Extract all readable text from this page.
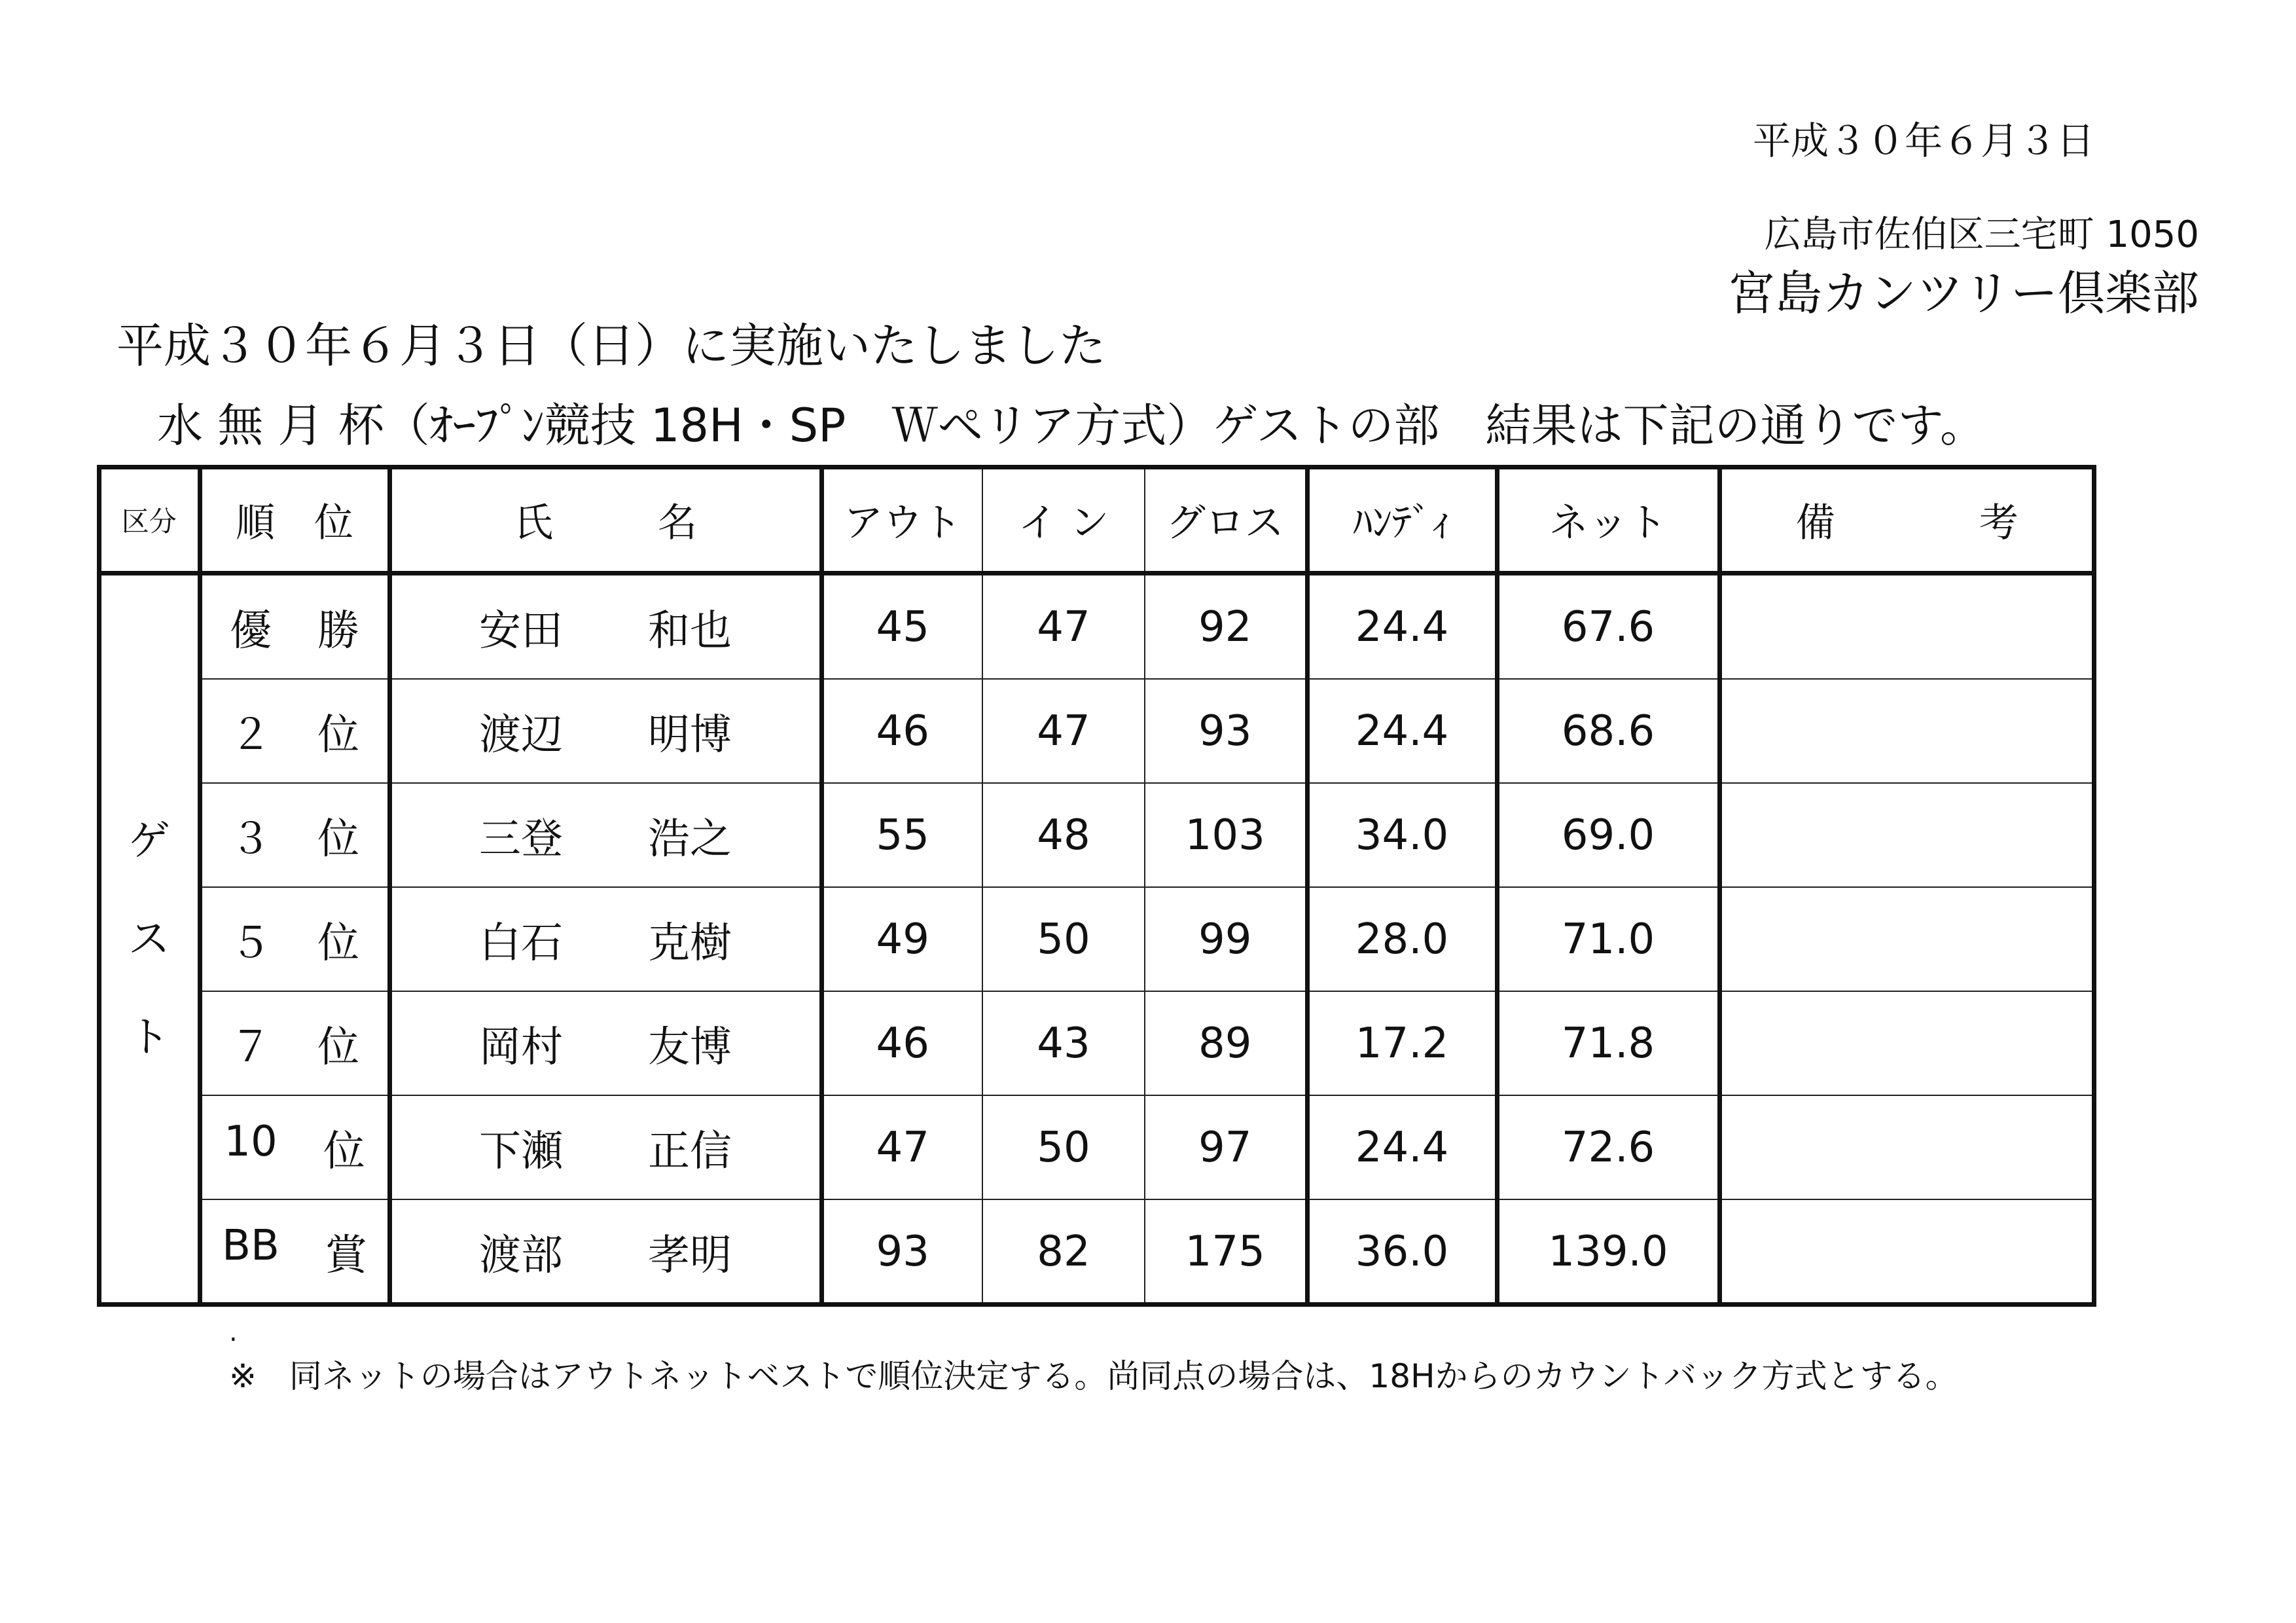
平成３０年６月３日
広島市佐伯区三宅町 1050
宮島カンツリー倶楽部
平成３０年６月３日（日）に実施いたしました
水 無 月 杯（ｵｰﾌﾟﾝ競技 18H・SP　Ｗペリア方式）ゲストの部　結果は下記の通りです。
区分	順 位	氏 名	アウト	イ ン	グロス	ﾊﾝﾃﾞｨ	ネット	備 考

ゲ
ス
ト	優 勝	安田 和也	45	47	92	24.4	67.6	

	２ 位	渡辺 明博	46	47	93	24.4	68.6	

	３ 位	三登 浩之	55	48	103	34.0	69.0	

	５ 位	白石 克樹	49	50	99	28.0	71.0	

	７ 位	岡村 友博	46	43	89	17.2	71.8	

	10 位	下瀬 正信	47	50	97	24.4	72.6	

	BB 賞	渡部 孝明	93	82	175	36.0	139.0	
.
※　同ネットの場合はアウトネットベストで順位決定する。尚同点の場合は、18Hからのカウントバック方式とする。
